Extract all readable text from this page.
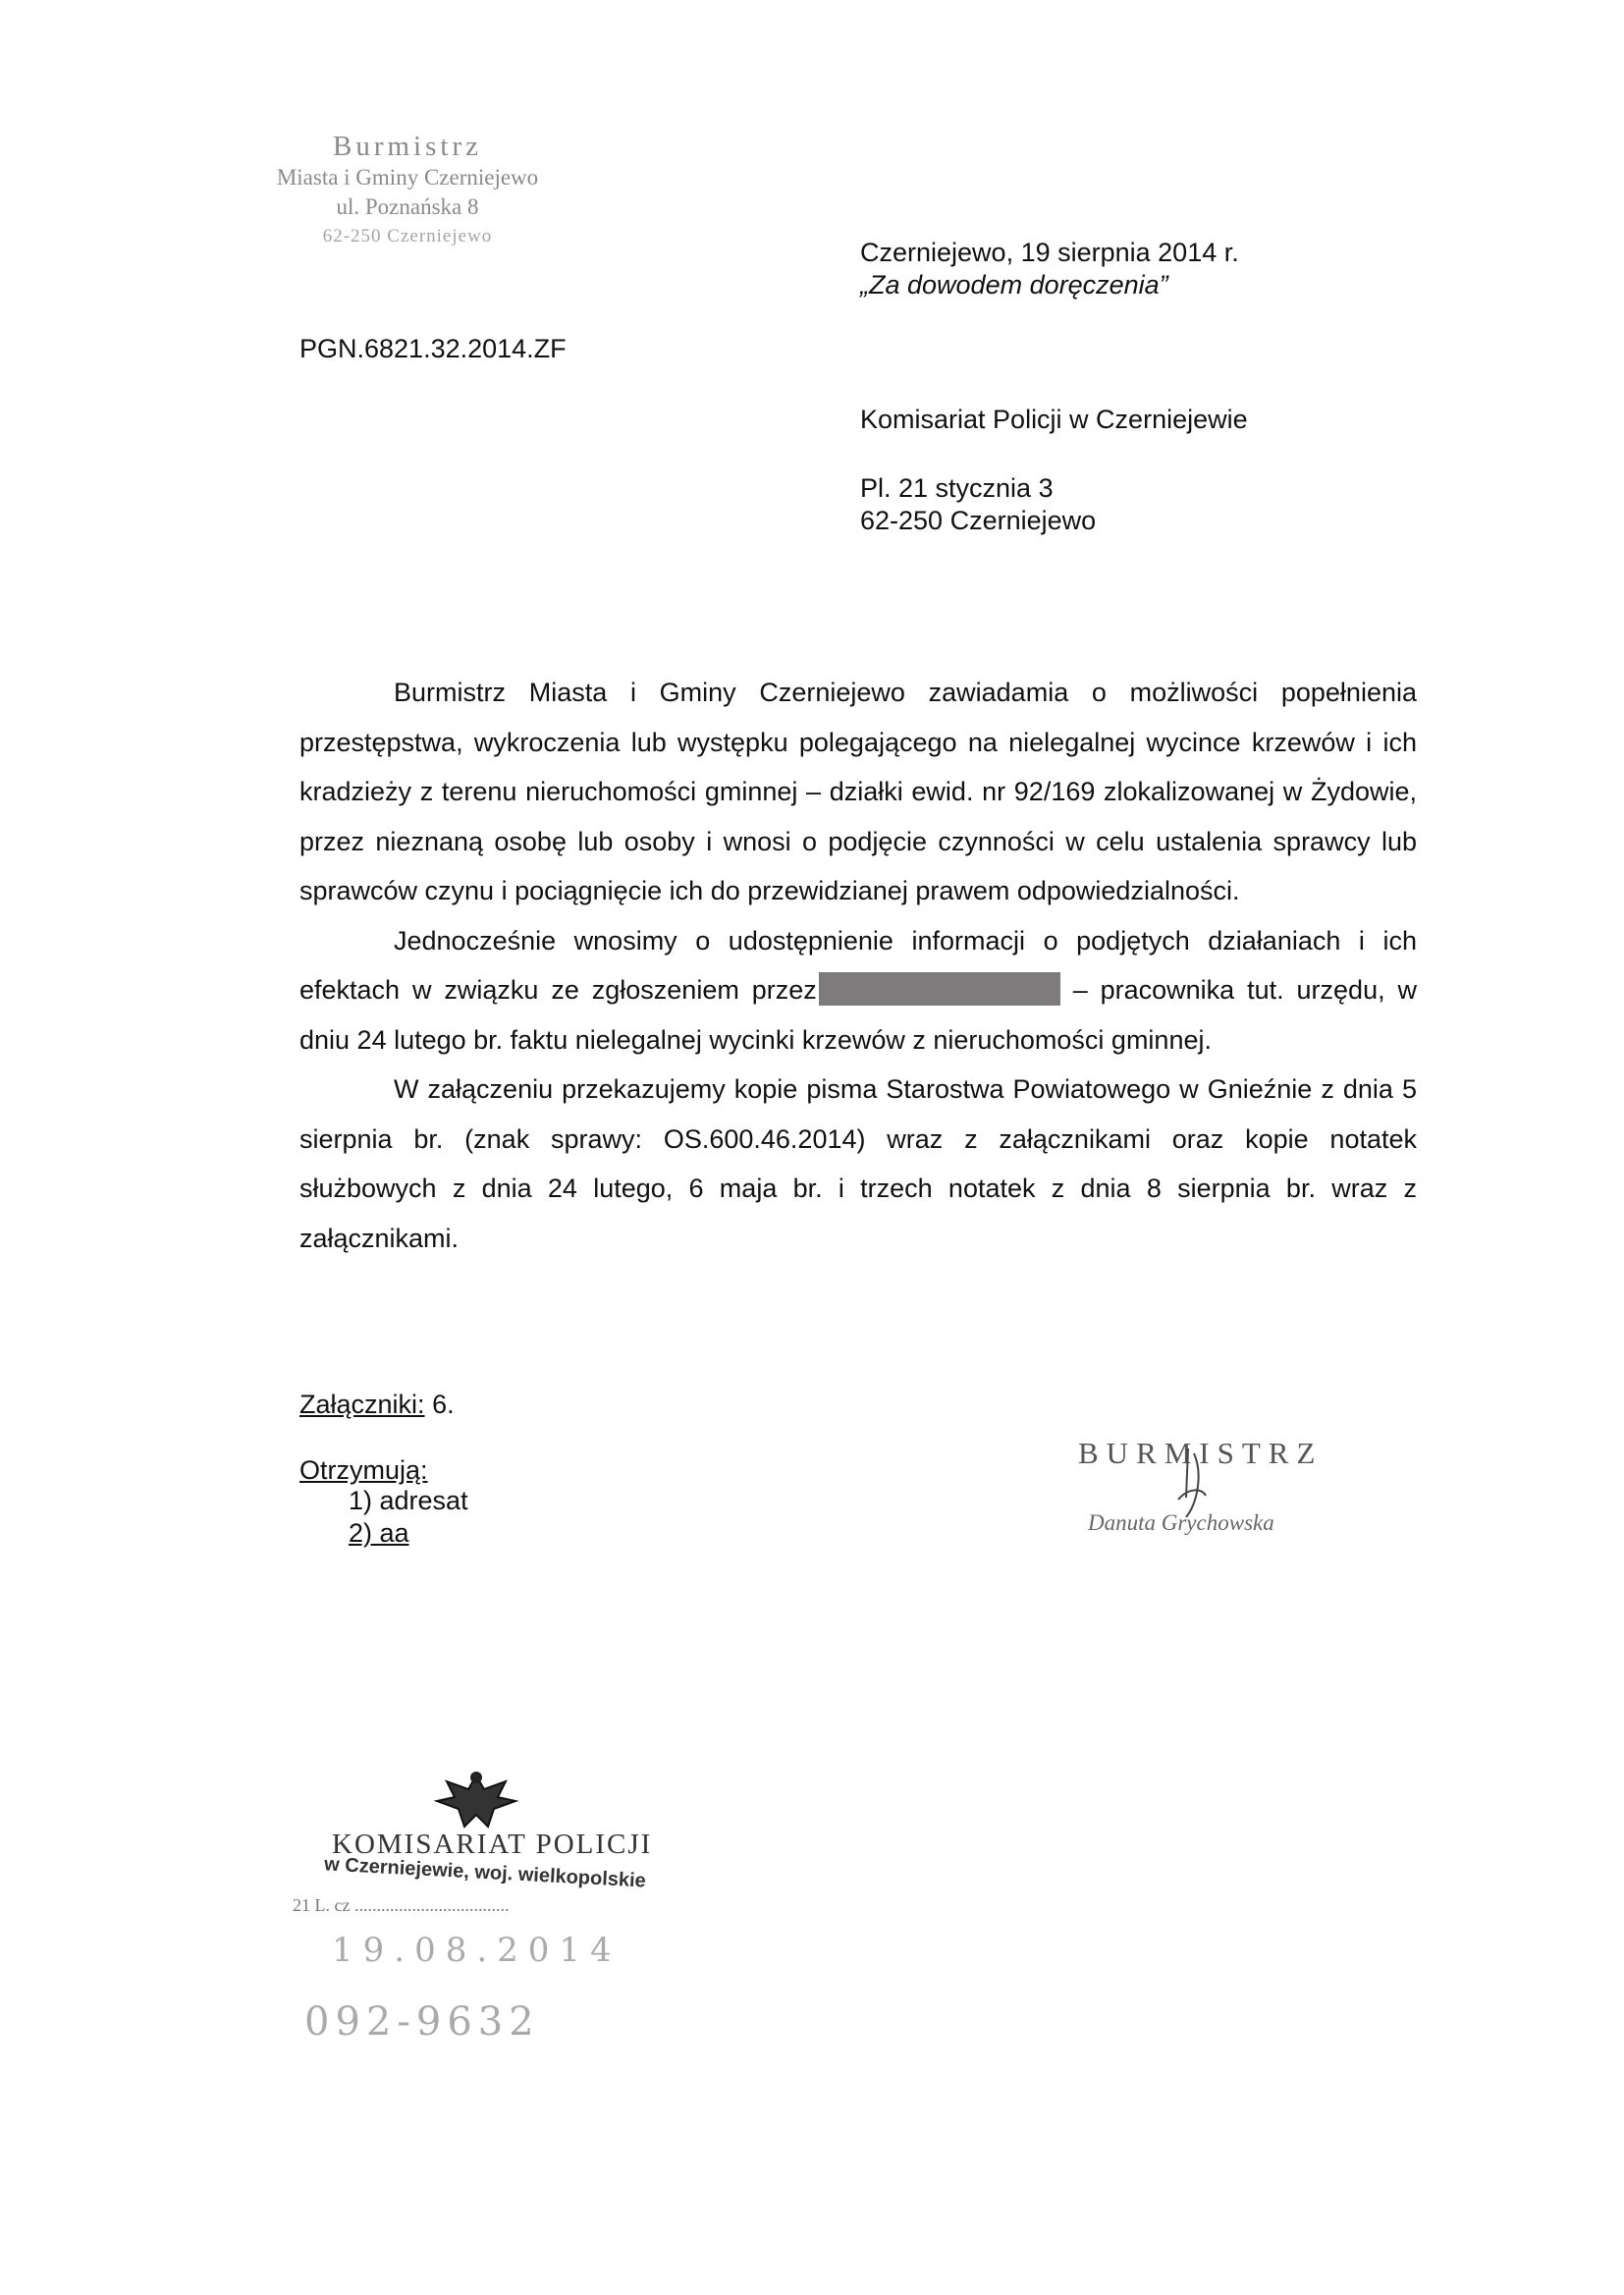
Burmistrz
Miasta i Gminy Czerniejewo
ul. Poznańska 8
62-250 Czerniejewo
Czerniejewo, 19 sierpnia 2014 r.
„Za dowodem doręczenia”
PGN.6821.32.2014.ZF
Komisariat Policji w Czerniejewie
Pl. 21 stycznia 3
62-250 Czerniejewo

Burmistrz Miasta i Gminy Czerniejewo zawiadamia o możliwości popełnienia przestępstwa, wykroczenia lub występku polegającego na nielegalnej wycince krzewów i ich kradzieży z terenu nieruchomości gminnej – działki ewid. nr 92/169 zlokalizowanej w Żydowie, przez nieznaną osobę lub osoby i wnosi o podjęcie czynności w celu ustalenia sprawcy lub sprawców czynu i pociągnięcie ich do przewidzianej prawem odpowiedzialności.

Jednocześnie wnosimy o udostępnienie informacji o podjętych działaniach i ich efektach w związku ze zgłoszeniem przez	– pracownika tut. urzędu, w dniu 24 lutego br. faktu nielegalnej wycinki krzewów z nieruchomości gminnej.

W załączeniu przekazujemy kopie pisma Starostwa Powiatowego w Gnieźnie z dnia 5 sierpnia br. (znak sprawy: OS.600.46.2014) wraz z załącznikami oraz kopie notatek służbowych z dnia 24 lutego, 6 maja br. i trzech notatek z dnia 8 sierpnia br. wraz z załącznikami.

Załączniki: 6.
Otrzymują:
1) adresat
2) aa
BURMISTRZ
Danuta Grychowska
KOMISARIAT POLICJI
w Czerniejewie, woj. wielkopolskie
21 L. cz ...................................
19.08.2014
092-9632
